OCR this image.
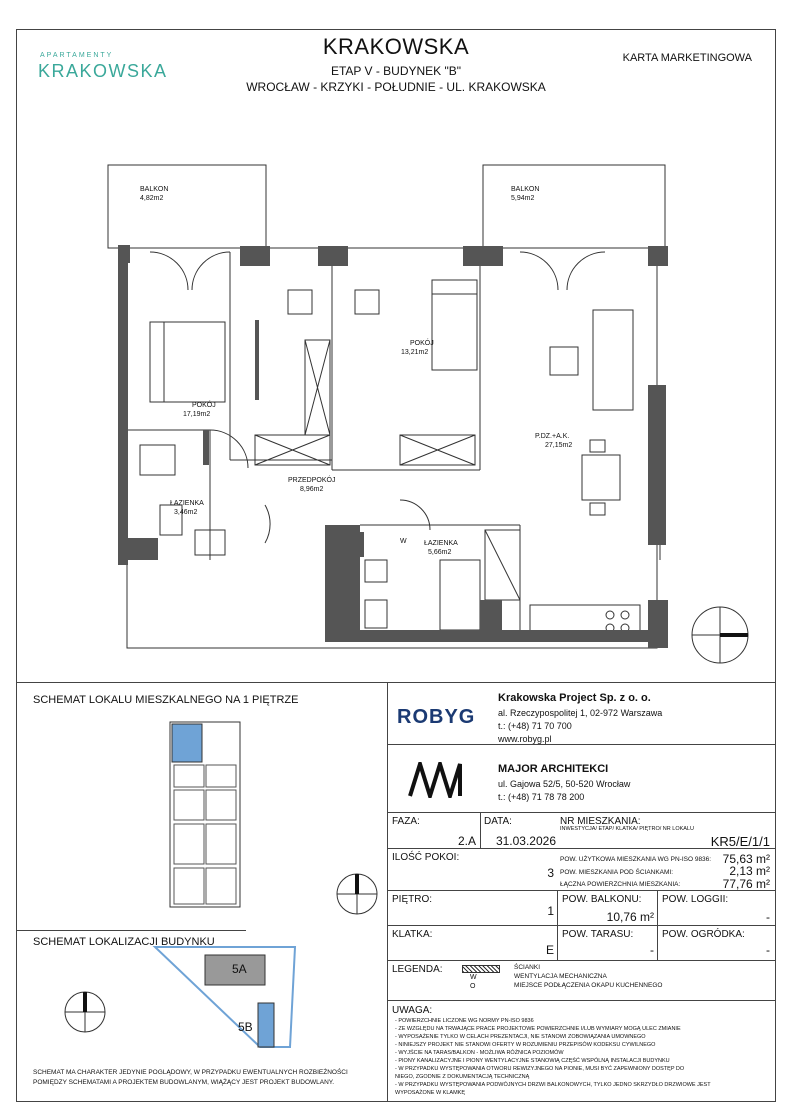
APARTAMENTY
KRAKOWSKA
KRAKOWSKA
ETAP V - BUDYNEK "B"
WROCŁAW - KRZYKI - POŁUDNIE - UL. KRAKOWSKA
KARTA MARKETINGOWA
BALKON
4,82m2
BALKON
5,94m2
POKÓJ
17,19m2
POKÓJ
13,21m2
P.DZ.+A.K.
27,15m2
PRZEDPOKÓJ
8,96m2
ŁAZIENKA
3,46m2
ŁAZIENKA
5,66m2
W
SCHEMAT LOKALU MIESZKALNEGO NA 1 PIĘTRZE
SCHEMAT LOKALIZACJI BUDYNKU
5A
5B
SCHEMAT MA CHARAKTER JEDYNIE POGLĄDOWY, W PRZYPADKU EWENTUALNYCH ROZBIEŻNOŚCI POMIĘDZY SCHEMATAMI A PROJEKTEM BUDOWLANYM, WIĄŻĄCY JEST PROJEKT BUDOWLANY.
ROBYG
Krakowska Project Sp. z o. o.
al. Rzeczypospolitej 1, 02-972 Warszawa
t.: (+48) 71 70 700
www.robyg.pl
MAJOR ARCHITEKCI
ul. Gajowa 52/5, 50-520 Wrocław
t.: (+48) 71 78 78 200
FAZA:
2.A
DATA:
31.03.2026
NR MIESZKANIA:
INWESTYCJA/ ETAP/ KLATKA/ PIĘTRO/ NR LOKALU
KR5/E/1/1
ILOŚĆ POKOI:
3
POW. UŻYTKOWA MIESZKANIA WG PN-ISO 9836: 75,63 m²
POW. MIESZKANIA POD ŚCIANKAMI:	2,13 m²
ŁĄCZNA POWIERZCHNIA MIESZKANIA:	77,76 m²
PIĘTRO:
1
POW. BALKONU:
10,76 m²
POW. LOGGII:
-
KLATKA:
E
POW. TARASU:
-
POW. OGRÓDKA:
-
LEGENDA:
W
O
ŚCIANKI
WENTYLACJA MECHANICZNA
MIEJSCE PODŁĄCZENIA OKAPU KUCHENNEGO
UWAGA:
- POWIERZCHNIE LICZONE WG NORMY PN-ISO 9836
- ZE WZGLĘDU NA TRWAJĄCE PRACE PROJEKTOWE POWIERZCHNIE I/LUB WYMIARY MOGĄ ULEC ZMIANIE
- WYPOSAŻENIE TYLKO W CELACH PREZENTACJI, NIE STANOWI ZOBOWIĄZANIA UMOWNEGO
- NINIEJSZY PROJEKT NIE STANOWI OFERTY W ROZUMIENIU PRZEPISÓW KODEKSU CYWILNEGO
- WYJŚCIE NA TARAS/BALKON - MOŻLIWA RÓŻNICA POZIOMÓW
- PIONY KANALIZACYJNE I PIONY WENTYLACYJNE STANOWIĄ CZĘŚĆ WSPÓLNĄ INSTALACJI BUDYNKU
- W PRZYPADKU WYSTĘPOWANIA OTWORU REWIZYJNEGO NA PIONIE, MUSI BYĆ ZAPEWNIONY DOSTĘP DO
NIEGO, ZGODNIE Z DOKUMENTACJĄ TECHNICZNĄ
- W PRZYPADKU WYSTĘPOWANIA PODWÓJNYCH DRZWI BALKONOWYCH, TYLKO JEDNO SKRZYDŁO DRZWIOWE JEST
WYPOSAŻONE W KLAMKĘ
